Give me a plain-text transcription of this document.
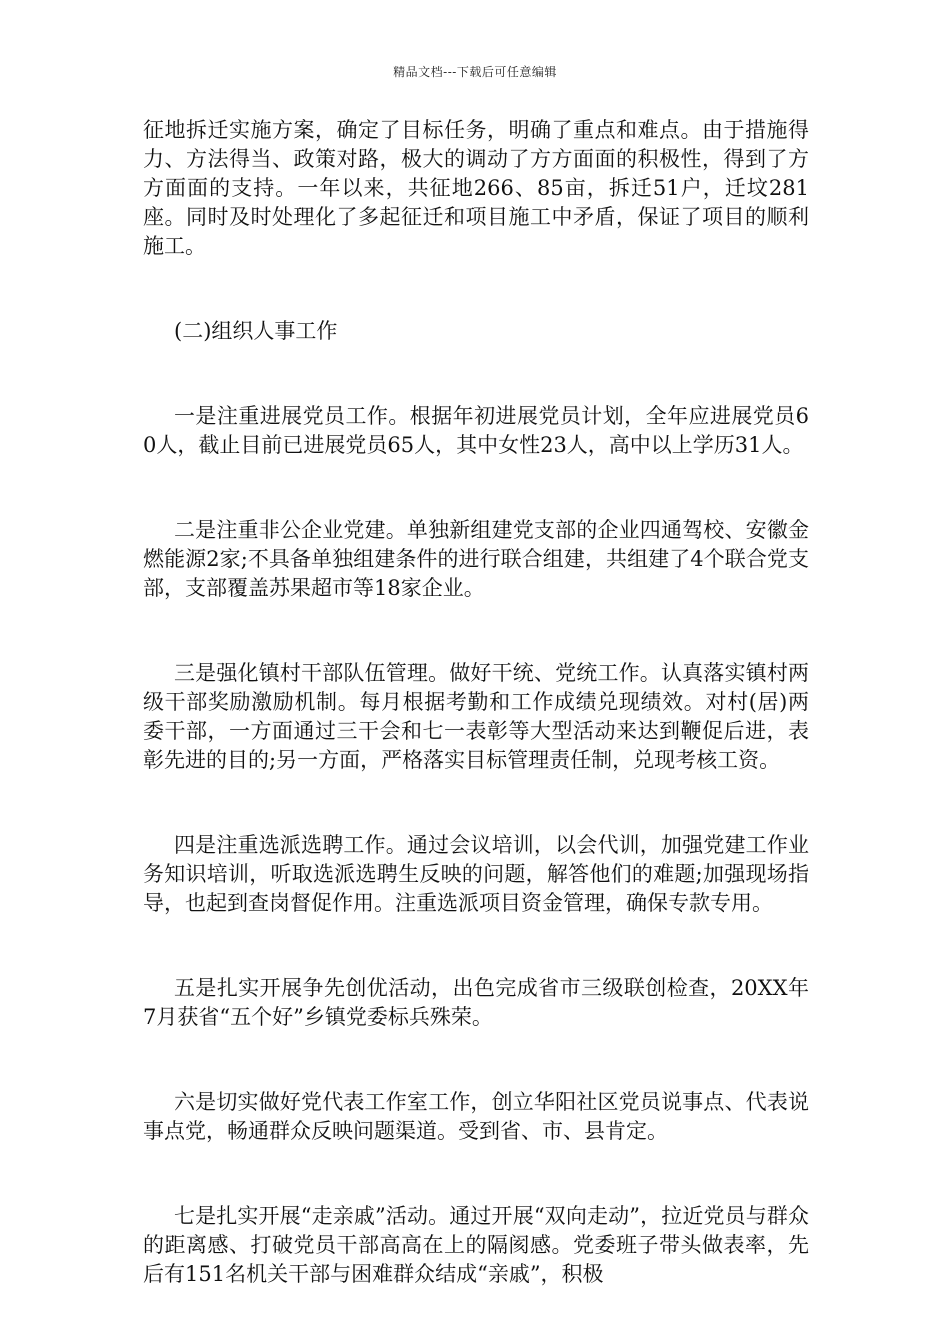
精品文档---下载后可任意编辑

征地拆迁实施方案，确定了目标任务，明确了重点和难点。由于措施得力、方法得当、政策对路，极大的调动了方方面面的积极性，得到了方方面面的支持。一年以来，共征地266、85亩，拆迁51户，迁坟281座。同时及时处理化了多起征迁和项目施工中矛盾，保证了项目的顺利施工。

(二)组织人事工作

一是注重进展党员工作。根据年初进展党员计划，全年应进展党员60人，截止目前已进展党员65人，其中女性23人，高中以上学历31人。

二是注重非公企业党建。单独新组建党支部的企业四通驾校、安徽金燃能源2家;不具备单独组建条件的进行联合组建，共组建了4个联合党支部，支部覆盖苏果超市等18家企业。

三是强化镇村干部队伍管理。做好干统、党统工作。认真落实镇村两级干部奖励激励机制。每月根据考勤和工作成绩兑现绩效。对村(居)两委干部，一方面通过三干会和七一表彰等大型活动来达到鞭促后进，表彰先进的目的;另一方面，严格落实目标管理责任制，兑现考核工资。

四是注重选派选聘工作。通过会议培训，以会代训，加强党建工作业务知识培训，听取选派选聘生反映的问题，解答他们的难题;加强现场指导，也起到查岗督促作用。注重选派项目资金管理，确保专款专用。

五是扎实开展争先创优活动，出色完成省市三级联创检查，20XX年7月获省“五个好”乡镇党委标兵殊荣。

六是切实做好党代表工作室工作，创立华阳社区党员说事点、代表说事点党，畅通群众反映问题渠道。受到省、市、县肯定。

七是扎实开展“走亲戚”活动。通过开展“双向走动”，拉近党员与群众的距离感、打破党员干部高高在上的隔阂感。党委班子带头做表率，先后有151名机关干部与困难群众结成“亲戚”，积极
